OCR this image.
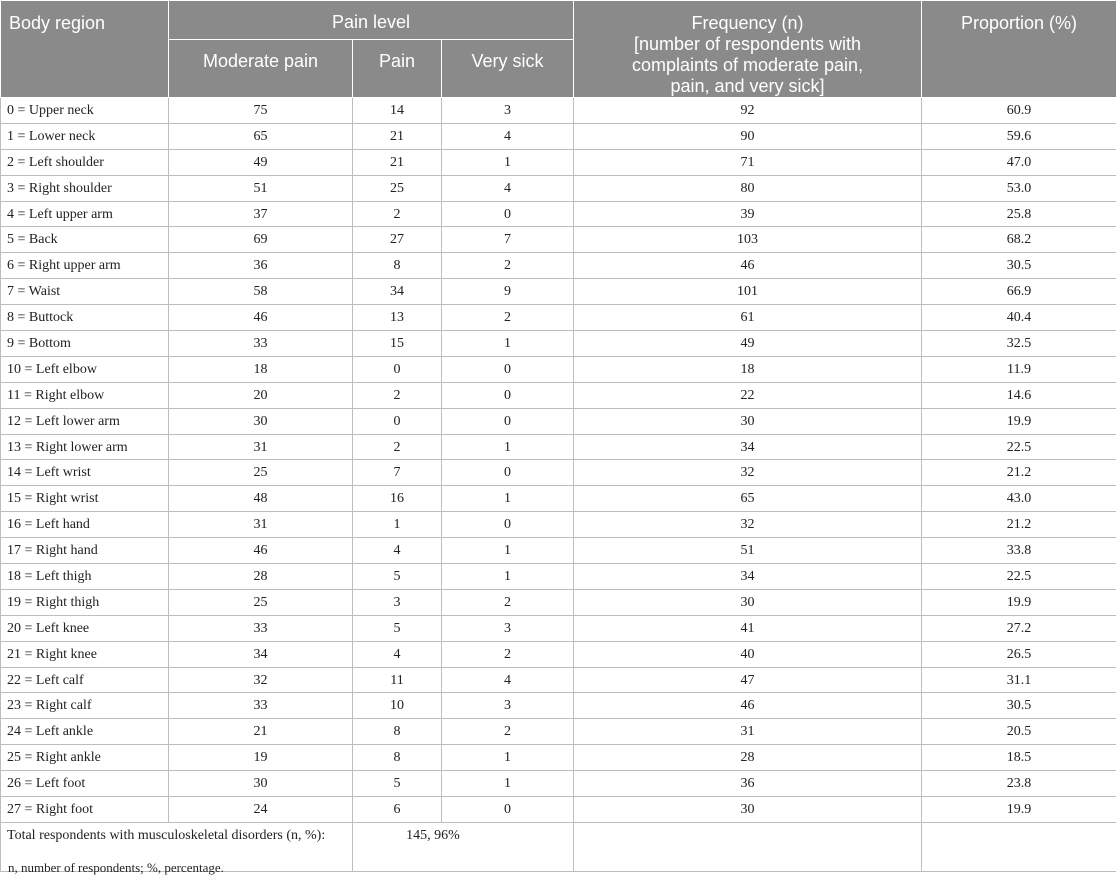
Body region	Pain level			Frequency (n)
[number of respondents with
complaints of moderate pain,
pain, and very sick]	Proportion (%)
	Moderate pain	Pain	Very sick		
0 = Upper neck	75	14	3	92	60.9
1 = Lower neck	65	21	4	90	59.6
2 = Left shoulder	49	21	1	71	47.0
3 = Right shoulder	51	25	4	80	53.0
4 = Left upper arm	37	2	0	39	25.8
5 = Back	69	27	7	103	68.2
6 = Right upper arm	36	8	2	46	30.5
7 = Waist	58	34	9	101	66.9
8 = Buttock	46	13	2	61	40.4
9 = Bottom	33	15	1	49	32.5
10 = Left elbow	18	0	0	18	11.9
11 = Right elbow	20	2	0	22	14.6
12 = Left lower arm	30	0	0	30	19.9
13 = Right lower arm	31	2	1	34	22.5
14 = Left wrist	25	7	0	32	21.2
15 = Right wrist	48	16	1	65	43.0
16 = Left hand	31	1	0	32	21.2
17 = Right hand	46	4	1	51	33.8
18 = Left thigh	28	5	1	34	22.5
19 = Right thigh	25	3	2	30	19.9
20 = Left knee	33	5	3	41	27.2
21 = Right knee	34	4	2	40	26.5
22 = Left calf	32	11	4	47	31.1
23 = Right calf	33	10	3	46	30.5
24 = Left ankle	21	8	2	31	20.5
25 = Right ankle	19	8	1	28	18.5
26 = Left foot	30	5	1	36	23.8
27 = Right foot	24	6	0	30	19.9
Total respondents with musculoskeletal disorders (n, %):		145, 96%			
n, number of respondents; %, percentage.
